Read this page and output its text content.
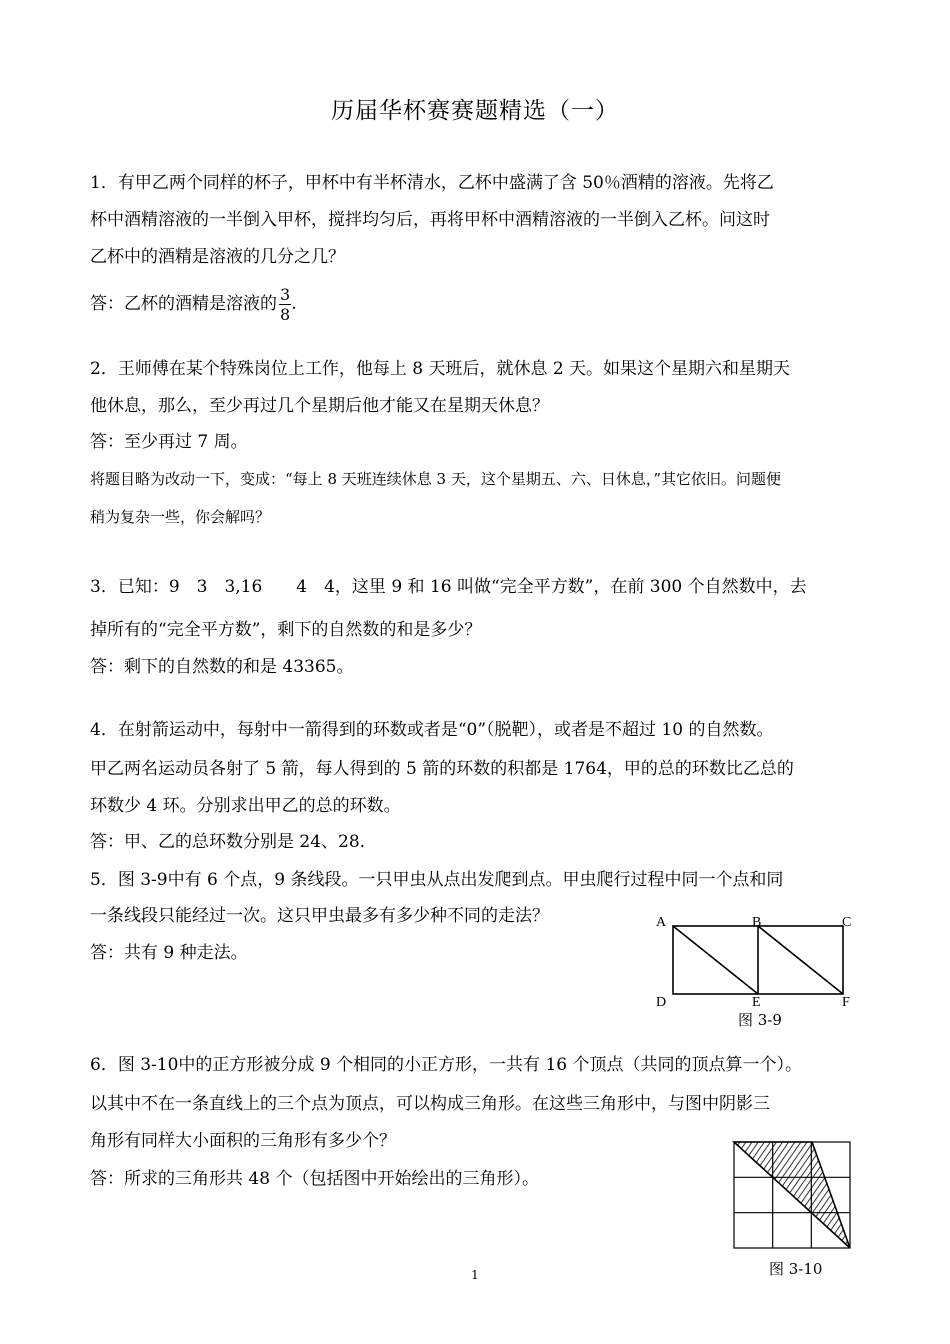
历届华杯赛赛题精选（一）
1．有甲乙两个同样的杯子，甲杯中有半杯清水，乙杯中盛满了含 50％酒精的溶液。先将乙
杯中酒精溶液的一半倒入甲杯，搅拌均匀后，再将甲杯中酒精溶液的一半倒入乙杯。问这时
乙杯中的酒精是溶液的几分之几？
答：乙杯的酒精是溶液的 $\frac{3}{8}$ .
2．王师傅在某个特殊岗位上工作，他每上 8 天班后，就休息 2 天。如果这个星期六和星期天
他休息，那么，至少再过几个星期后他才能又在星期天休息？
答：至少再过 7 周。
将题目略为改动一下，变成：“每上 8 天班连续休息 3 天，这个星期五、六、日休息，”其它依旧。问题便
稍为复杂一些，你会解吗？
3．已知：9　3　3,16　　4　4，这里 9 和 16 叫做“完全平方数”，在前 300 个自然数中，去
掉所有的“完全平方数”，剩下的自然数的和是多少？
答：剩下的自然数的和是 43365。
4．在射箭运动中，每射中一箭得到的环数或者是“0”（脱靶），或者是不超过 10 的自然数。
甲乙两名运动员各射了 5 箭，每人得到的 5 箭的环数的积都是 1764，甲的总的环数比乙总的
环数少 4 环。分别求出甲乙的总的环数。
答：甲、乙的总环数分别是 24、28.
5．图 3-9中有 6 个点，9 条线段。一只甲虫从点出发爬到点。甲虫爬行过程中同一个点和同
一条线段只能经过一次。这只甲虫最多有多少种不同的走法？
答：共有 9 种走法。
A	B	C
D	E	F
图 3-9
6．图 3-10中的正方形被分成 9 个相同的小正方形，一共有 16 个顶点（共同的顶点算一个）。
以其中不在一条直线上的三个点为顶点，可以构成三角形。在这些三角形中，与图中阴影三
角形有同样大小面积的三角形有多少个？
答：所求的三角形共 48 个（包括图中开始绘出的三角形）。
图 3-10
1
